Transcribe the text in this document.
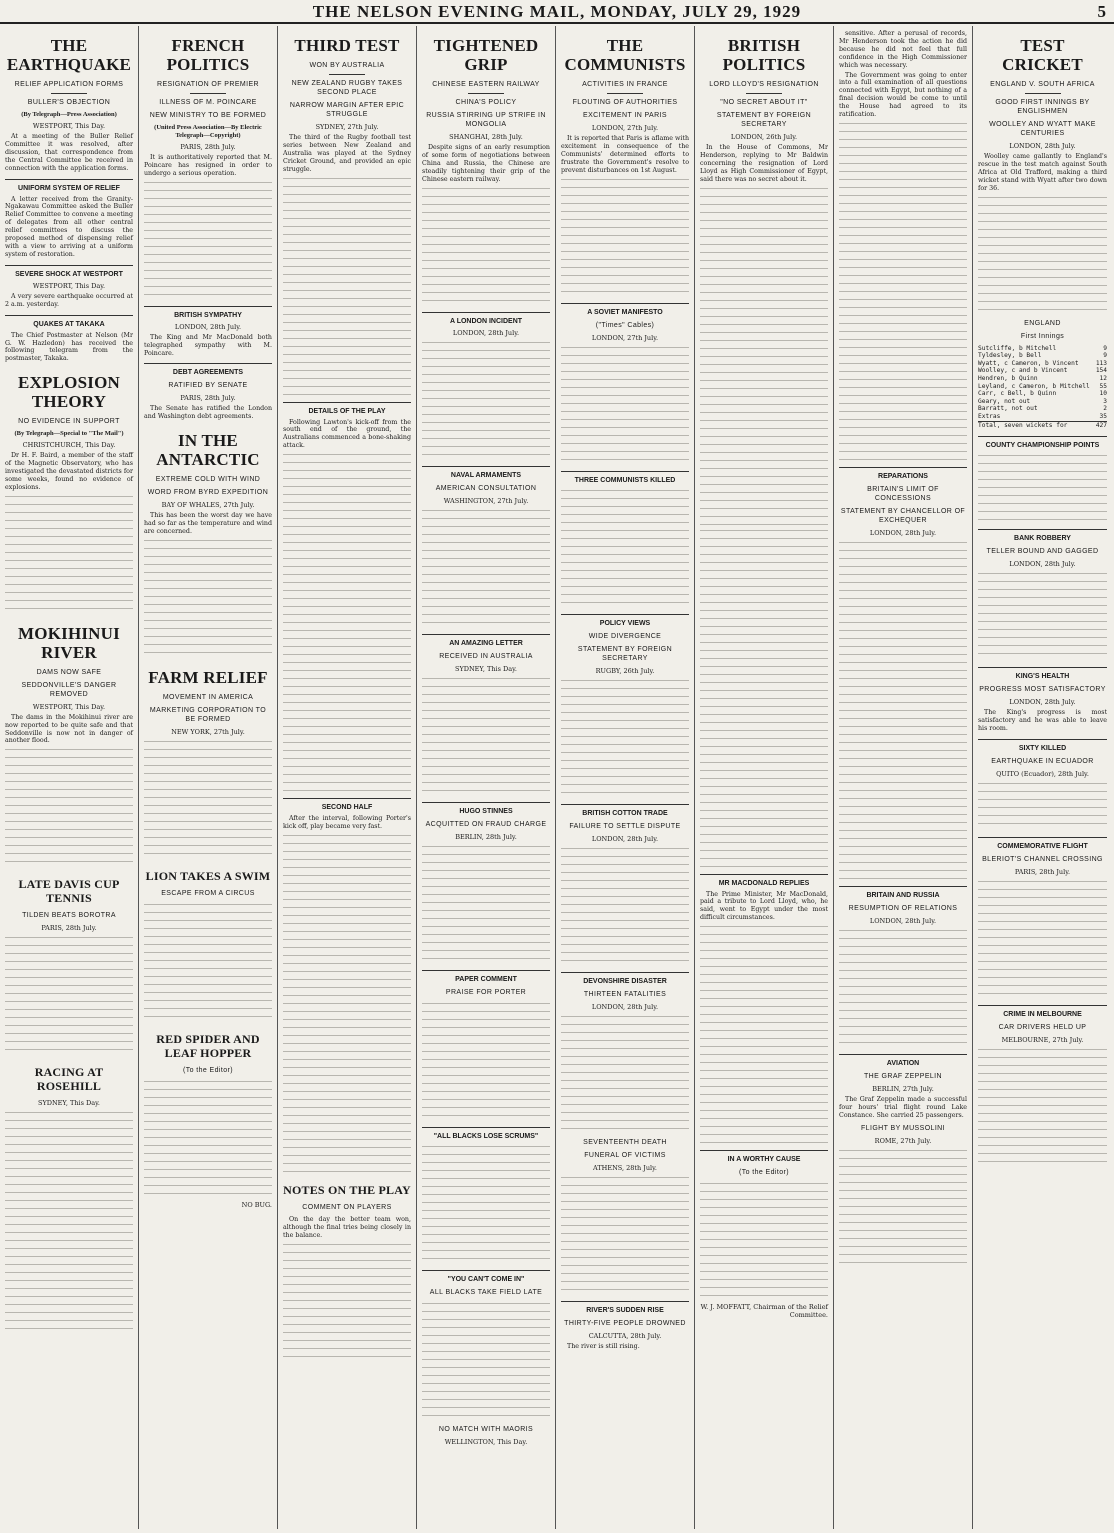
THE NELSON EVENING MAIL, MONDAY, JULY 29, 1929	5
THE EARTHQUAKE
RELIEF APPLICATION FORMS
BULLER'S OBJECTION
(By Telegraph—Press Association)
WESTPORT, This Day.

At a meeting of the Buller Relief Committee it was resolved, after discussion, that correspondence from the Central Committee be received in connection with the application forms.

UNIFORM SYSTEM OF RELIEF

A letter received from the Granity-Ngakawau Committee asked the Buller Relief Committee to convene a meeting of delegates from all other central relief committees to discuss the proposed method of dispensing relief with a view to arriving at a uniform system of restoration.

SEVERE SHOCK AT WESTPORT
WESTPORT, This Day.

A very severe earthquake occurred at 2 a.m. yesterday.

QUAKES AT TAKAKA

The Chief Postmaster at Nelson (Mr G. W. Hazledon) has received the following telegram from the postmaster, Takaka.

EXPLOSION THEORY
NO EVIDENCE IN SUPPORT
(By Telegraph—Special to "The Mail")
CHRISTCHURCH, This Day.

Dr H. F. Baird, a member of the staff of the Magnetic Observatory, who has investigated the devastated districts for some weeks, found no evidence of explosions.

MOKIHINUI RIVER
DAMS NOW SAFE
SEDDONVILLE'S DANGER REMOVED
WESTPORT, This Day.

The dams in the Mokihinui river are now reported to be quite safe and that Seddonville is now not in danger of another flood.

LATE DAVIS CUP TENNIS
TILDEN BEATS BOROTRA
PARIS, 28th July.
RACING AT ROSEHILL
SYDNEY, This Day.
FRENCH POLITICS
RESIGNATION OF PREMIER
ILLNESS OF M. POINCARE
NEW MINISTRY TO BE FORMED
(United Press Association—By Electric Telegraph—Copyright)
PARIS, 28th July.

It is authoritatively reported that M. Poincare has resigned in order to undergo a serious operation.

BRITISH SYMPATHY
LONDON, 28th July.

The King and Mr MacDonald both telegraphed sympathy with M. Poincare.

DEBT AGREEMENTS
RATIFIED BY SENATE
PARIS, 28th July.

The Senate has ratified the London and Washington debt agreements.

IN THE ANTARCTIC
EXTREME COLD WITH WIND
WORD FROM BYRD EXPEDITION
BAY OF WHALES, 27th July.

This has been the worst day we have had so far as the temperature and wind are concerned.

FARM RELIEF
MOVEMENT IN AMERICA
MARKETING CORPORATION TO BE FORMED
NEW YORK, 27th July.
LION TAKES A SWIM
ESCAPE FROM A CIRCUS
RED SPIDER AND LEAF HOPPER
(To the Editor)
NO BUG.
THIRD TEST
WON BY AUSTRALIA
NEW ZEALAND RUGBY TAKES SECOND PLACE
NARROW MARGIN AFTER EPIC STRUGGLE
SYDNEY, 27th July.

The third of the Rugby football test series between New Zealand and Australia was played at the Sydney Cricket Ground, and provided an epic struggle.

DETAILS OF THE PLAY

Following Lawton's kick-off from the south end of the ground, the Australians commenced a bone-shaking attack.

SECOND HALF

After the interval, following Porter's kick off, play became very fast.

NOTES ON THE PLAY
COMMENT ON PLAYERS

On the day the better team won, although the final tries being closely in the balance.

TIGHTENED GRIP
CHINESE EASTERN RAILWAY
CHINA'S POLICY
RUSSIA STIRRING UP STRIFE IN MONGOLIA
SHANGHAI, 28th July.

Despite signs of an early resumption of some form of negotiations between China and Russia, the Chinese are steadily tightening their grip of the Chinese eastern railway.

A LONDON INCIDENT
LONDON, 28th July.
NAVAL ARMAMENTS
AMERICAN CONSULTATION
WASHINGTON, 27th July.
AN AMAZING LETTER
RECEIVED IN AUSTRALIA
SYDNEY, This Day.
HUGO STINNES
ACQUITTED ON FRAUD CHARGE
BERLIN, 28th July.
PAPER COMMENT
PRAISE FOR PORTER
"ALL BLACKS LOSE SCRUMS"
"YOU CAN'T COME IN"
ALL BLACKS TAKE FIELD LATE
NO MATCH WITH MAORIS
WELLINGTON, This Day.
THE COMMUNISTS
ACTIVITIES IN FRANCE
FLOUTING OF AUTHORITIES
EXCITEMENT IN PARIS
LONDON, 27th July.

It is reported that Paris is aflame with excitement in consequence of the Communists' determined efforts to frustrate the Government's resolve to prevent disturbances on 1st August.

A SOVIET MANIFESTO
("Times" Cables)
LONDON, 27th July.
THREE COMMUNISTS KILLED
POLICY VIEWS
WIDE DIVERGENCE
STATEMENT BY FOREIGN SECRETARY
RUGBY, 26th July.
BRITISH COTTON TRADE
FAILURE TO SETTLE DISPUTE
LONDON, 28th July.
DEVONSHIRE DISASTER
THIRTEEN FATALITIES
LONDON, 28th July.
SEVENTEENTH DEATH
FUNERAL OF VICTIMS
ATHENS, 28th July.
RIVER'S SUDDEN RISE
THIRTY-FIVE PEOPLE DROWNED
CALCUTTA, 28th July.

The river is still rising.

BRITISH POLITICS
LORD LLOYD'S RESIGNATION
"NO SECRET ABOUT IT"
STATEMENT BY FOREIGN SECRETARY
LONDON, 26th July.

In the House of Commons, Mr Henderson, replying to Mr Baldwin concerning the resignation of Lord Lloyd as High Commissioner of Egypt, said there was no secret about it.

MR MACDONALD REPLIES

The Prime Minister, Mr MacDonald, paid a tribute to Lord Lloyd, who, he said, went to Egypt under the most difficult circumstances.

IN A WORTHY CAUSE
(To the Editor)
W. J. MOFFATT, Chairman of the Relief Committee.

sensitive. After a perusal of records, Mr Henderson took the action he did because he did not feel that full confidence in the High Commissioner which was necessary.

The Government was going to enter into a full examination of all questions connected with Egypt, but nothing of a final decision would be come to until the House had agreed to its ratification.

REPARATIONS
BRITAIN'S LIMIT OF CONCESSIONS
STATEMENT BY CHANCELLOR OF EXCHEQUER
LONDON, 28th July.
BRITAIN AND RUSSIA
RESUMPTION OF RELATIONS
LONDON, 28th July.
AVIATION
THE GRAF ZEPPELIN
BERLIN, 27th July.

The Graf Zeppelin made a successful four hours' trial flight round Lake Constance. She carried 25 passengers.

FLIGHT BY MUSSOLINI
ROME, 27th July.
TEST CRICKET
ENGLAND V. SOUTH AFRICA
GOOD FIRST INNINGS BY ENGLISHMEN
WOOLLEY AND WYATT MAKE CENTURIES
LONDON, 28th July.

Woolley came gallantly to England's rescue in the test match against South Africa at Old Trafford, making a third wicket stand with Wyatt after two down for 36.

ENGLAND
First Innings
Sutcliffe, b Mitchell	9
Tyldesley, b Bell	9
Wyatt, c Cameron, b Vincent	113
Woolley, c and b Vincent	154
Hendren, b Quinn	12
Leyland, c Cameron, b Mitchell 55
Carr, c Bell, b Quinn	10
Geary, not out	3
Barratt, not out	2
Extras	35
Total, seven wickets for	427
COUNTY CHAMPIONSHIP POINTS
BANK ROBBERY
TELLER BOUND AND GAGGED
LONDON, 28th July.
KING'S HEALTH
PROGRESS MOST SATISFACTORY
LONDON, 28th July.

The King's progress is most satisfactory and he was able to leave his room.

SIXTY KILLED
EARTHQUAKE IN ECUADOR
QUITO (Ecuador), 28th July.
COMMEMORATIVE FLIGHT
BLERIOT'S CHANNEL CROSSING
PARIS, 28th July.
CRIME IN MELBOURNE
CAR DRIVERS HELD UP
MELBOURNE, 27th July.
